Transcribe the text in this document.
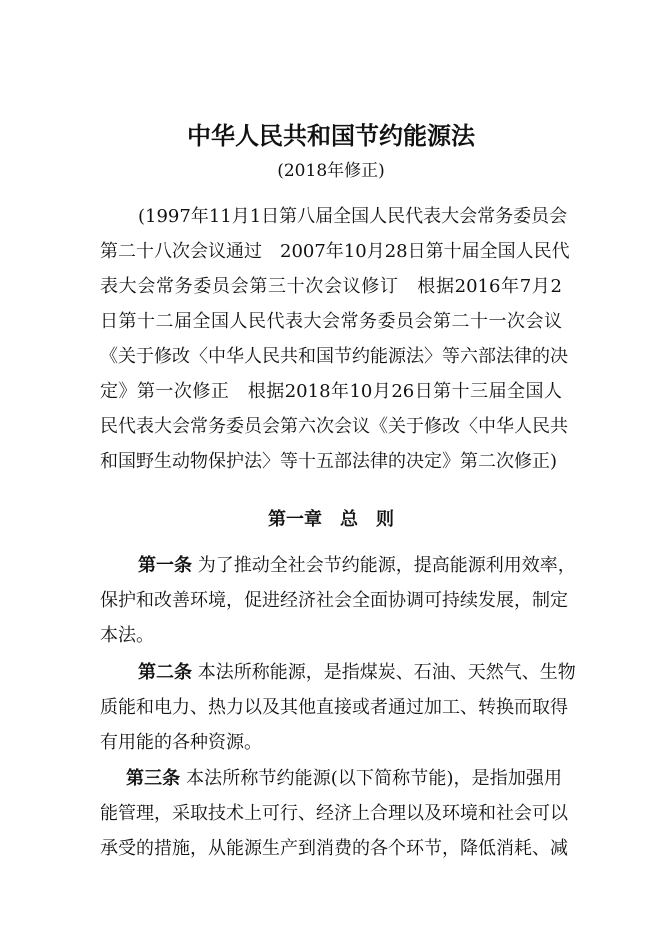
中华人民共和国节约能源法
(2018年修正)
(1997年11月1日第八届全国人民代表大会常务委员会
第二十八次会议通过　2007年10月28日第十届全国人民代
表大会常务委员会第三十次会议修订　根据2016年7月2
日第十二届全国人民代表大会常务委员会第二十一次会议
《关于修改〈中华人民共和国节约能源法〉等六部法律的决
定》第一次修正　根据2018年10月26日第十三届全国人
民代表大会常务委员会第六次会议《关于修改〈中华人民共
和国野生动物保护法〉等十五部法律的决定》第二次修正)
第一章　总　则
第一条 为了推动全社会节约能源，提高能源利用效率，
保护和改善环境，促进经济社会全面协调可持续发展，制定
本法。
第二条 本法所称能源，是指煤炭、石油、天然气、生物
质能和电力、热力以及其他直接或者通过加工、转换而取得
有用能的各种资源。
第三条 本法所称节约能源(以下简称节能)，是指加强用
能管理，采取技术上可行、经济上合理以及环境和社会可以
承受的措施，从能源生产到消费的各个环节，降低消耗、减
